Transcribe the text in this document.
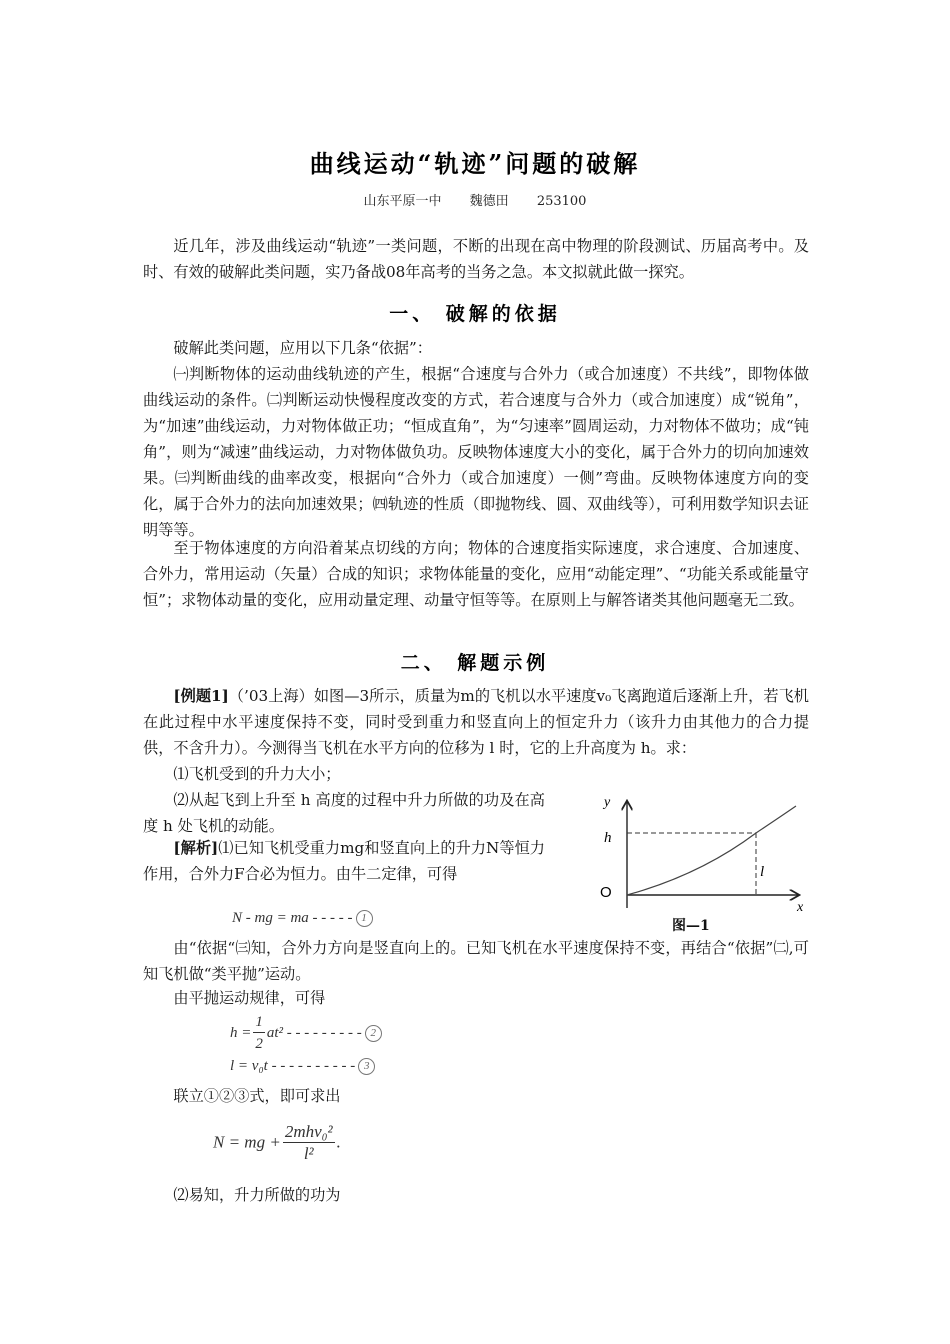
曲线运动“轨迹”问题的破解
山东平原一中 魏德田 253100
近几年，涉及曲线运动“轨迹”一类问题，不断的出现在高中物理的阶段测试、历届高考中。及时、有效的破解此类问题，实乃备战08年高考的当务之急。本文拟就此做一探究。
一、 破解的依据
破解此类问题，应用以下几条“依据”：
㈠判断物体的运动曲线轨迹的产生，根据“合速度与合外力（或合加速度）不共线”，即物体做曲线运动的条件。㈡判断运动快慢程度改变的方式，若合速度与合外力（或合加速度）成“锐角”，为“加速”曲线运动，力对物体做正功；“恒成直角”，为“匀速率”圆周运动，力对物体不做功；成“钝角”，则为“减速”曲线运动，力对物体做负功。反映物体速度大小的变化，属于合外力的切向加速效果。㈢判断曲线的曲率改变，根据向“合外力（或合加速度）一侧”弯曲。反映物体速度方向的变化，属于合外力的法向加速效果；㈣轨迹的性质（即抛物线、圆、双曲线等），可利用数学知识去证明等等。
至于物体速度的方向沿着某点切线的方向；物体的合速度指实际速度，求合速度、合加速度、合外力，常用运动（矢量）合成的知识；求物体能量的变化，应用“动能定理”、“功能关系或能量守恒”；求物体动量的变化，应用动量定理、动量守恒等等。在原则上与解答诸类其他问题毫无二致。
二、 解题示例
[例题1]（’03上海）如图—3所示，质量为m的飞机以水平速度v₀飞离跑道后逐渐上升，若飞机在此过程中水平速度保持不变，同时受到重力和竖直向上的恒定升力（该升力由其他力的合力提供，不含升力）。今测得当飞机在水平方向的位移为 l 时，它的上升高度为 h。求：
⑴飞机受到的升力大小；
⑵从起飞到上升至 h 高度的过程中升力所做的功及在高度 h 处飞机的动能。
[解析]⑴已知飞机受重力mg和竖直向上的升力N等恒力作用，合外力F合必为恒力。由牛二定律，可得
N - mg = ma - - - - - 1
由“依据“㈢知，合外力方向是竖直向上的。已知飞机在水平速度保持不变，再结合“依据”㈡,可知飞机做“类平抛”运动。
由平抛运动规律，可得
$h = \frac{1}{2} at^2$ - - - - - - - - - 2
l = v₀t - - - - - - - - - - 3
联立①②③式，即可求出
N = mg + $\frac{\text{2mhv₀²}}{\text{l²}}$ .
⑵易知，升力所做的功为
y
h
O
l
x
图—1
